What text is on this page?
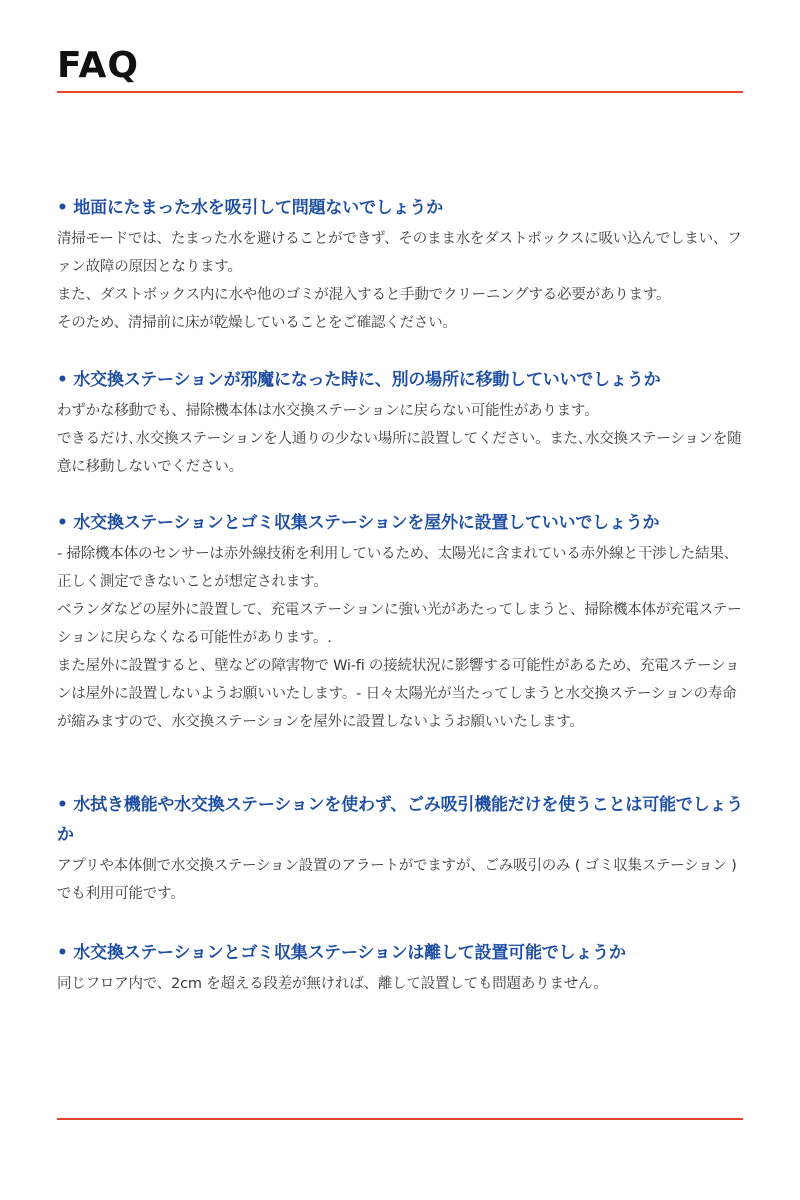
FAQ
• 地面にたまった水を吸引して問題ないでしょうか

清掃モードでは、たまった水を避けることができず、そのまま水をダストボックスに吸い込んでしまい、ファン故障の原因となります。

また、ダストボックス内に水や他のゴミが混入すると手動でクリーニングする必要があります。

そのため、清掃前に床が乾燥していることをご確認ください。

• 水交換ステーションが邪魔になった時に、別の場所に移動していいでしょうか

わずかな移動でも、掃除機本体は水交換ステーションに戻らない可能性があります。

できるだけ､水交換ステーションを人通りの少ない場所に設置してください。また､水交換ステーションを随意に移動しないでください。

• 水交換ステーションとゴミ収集ステーションを屋外に設置していいでしょうか

- 掃除機本体のセンサーは赤外線技術を利用しているため、太陽光に含まれている赤外線と干渉した結果、正しく測定できないことが想定されます。

ベランダなどの屋外に設置して、充電ステーションに強い光があたってしまうと、掃除機本体が充電ステーションに戻らなくなる可能性があります。.

また屋外に設置すると、壁などの障害物で Wi-fi の接続状況に影響する可能性があるため、充電ステーションは屋外に設置しないようお願いいたします。- 日々太陽光が当たってしまうと水交換ステーションの寿命が縮みますので、水交換ステーションを屋外に設置しないようお願いいたします。

• 水拭き機能や水交換ステーションを使わず、ごみ吸引機能だけを使うことは可能でしょうか

アプリや本体側で水交換ステーション設置のアラートがでますが、ごみ吸引のみ ( ゴミ収集ステーション ) でも利用可能です。

• 水交換ステーションとゴミ収集ステーションは離して設置可能でしょうか

同じフロア内で、2cm を超える段差が無ければ、離して設置しても問題ありません。
